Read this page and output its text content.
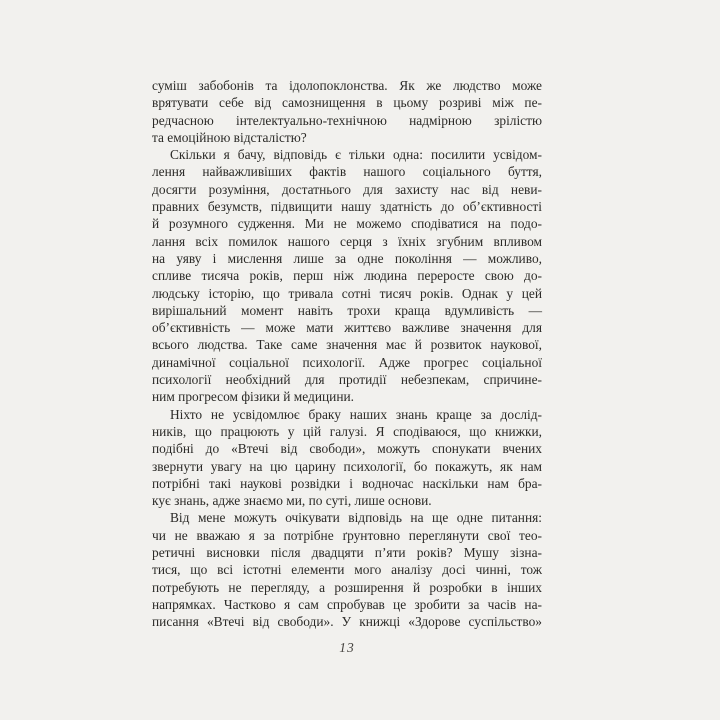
суміш забобонів та ідолопоклонства. Як же людство може
врятувати себе від самознищення в цьому розриві між пе-
редчасною інтелектуально-технічною надмірною зрілістю
та емоційною відсталістю?
Скільки я бачу, відповідь є тільки одна: посилити усвідом-
лення найважливіших фактів нашого соціального буття,
досягти розуміння, достатнього для захисту нас від неви-
правних безумств, підвищити нашу здатність до об’єктивності
й розумного судження. Ми не можемо сподіватися на подо-
лання всіх помилок нашого серця з їхніх згубним впливом
на уяву і мислення лише за одне покоління — можливо,
спливе тисяча років, перш ніж людина переросте свою до-
людську історію, що тривала сотні тисяч років. Однак у цей
вирішальний момент навіть трохи краща вдумливість —
об’єктивність — може мати життєво важливе значення для
всього людства. Таке саме значення має й розвиток наукової,
динамічної соціальної психології. Адже прогрес соціальної
психології необхідний для протидії небезпекам, спричине-
ним прогресом фізики й медицини.
Ніхто не усвідомлює браку наших знань краще за дослід-
ників, що працюють у цій галузі. Я сподіваюся, що книжки,
подібні до «Втечі від свободи», можуть спонукати вчених
звернути увагу на цю царину психології, бо покажуть, як нам
потрібні такі наукові розвідки і водночас наскільки нам бра-
кує знань, адже знаємо ми, по суті, лише основи.
Від мене можуть очікувати відповідь на ще одне питання:
чи не вважаю я за потрібне ґрунтовно переглянути свої тео-
ретичні висновки після двадцяти п’яти років? Мушу зізна-
тися, що всі істотні елементи мого аналізу досі чинні, тож
потребують не перегляду, а розширення й розробки в інших
напрямках. Частково я сам спробував це зробити за часів на-
писання «Втечі від свободи». У книжці «Здорове суспільство»
13
